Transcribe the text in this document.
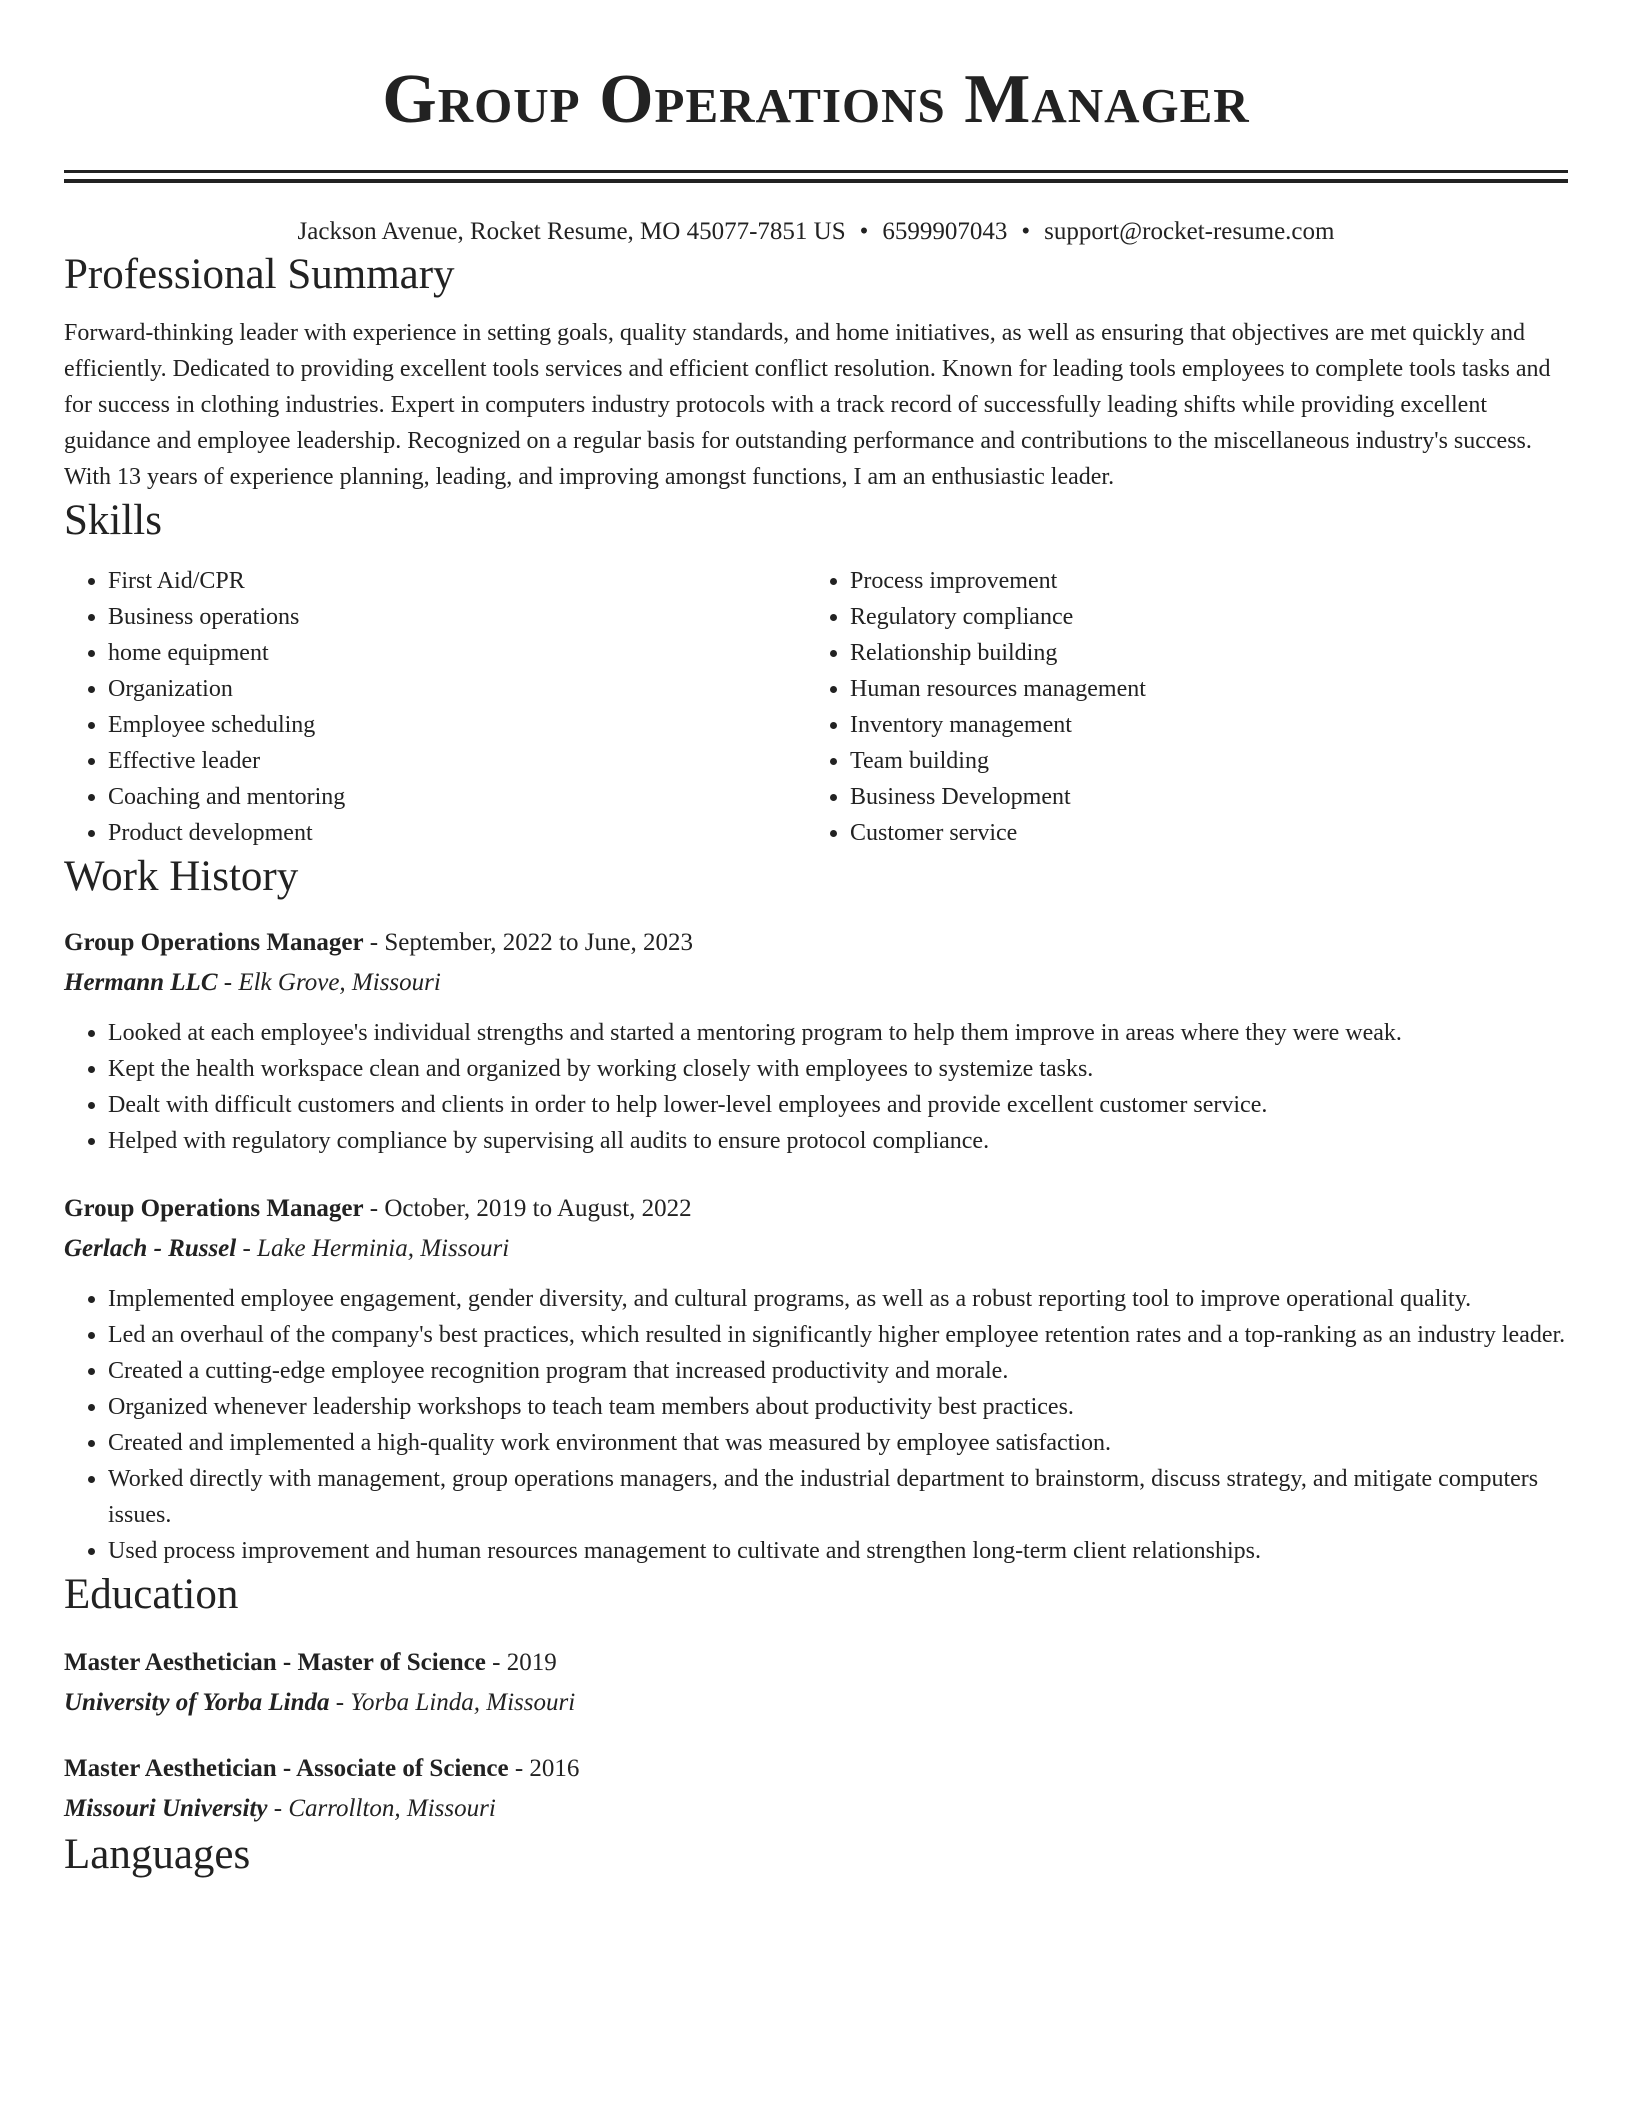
Group Operations Manager
Jackson Avenue, Rocket Resume, MO 45077-7851 US • 6599907043 • support@rocket-resume.com
Professional Summary

Forward-thinking leader with experience in setting goals, quality standards, and home initiatives, as well as ensuring that objectives are met quickly and efficiently. Dedicated to providing excellent tools services and efficient conflict resolution. Known for leading tools employees to complete tools tasks and for success in clothing industries. Expert in computers industry protocols with a track record of successfully leading shifts while providing excellent guidance and employee leadership. Recognized on a regular basis for outstanding performance and contributions to the miscellaneous industry's success. With 13 years of experience planning, leading, and improving amongst functions, I am an enthusiastic leader.

Skills
• First Aid/CPR
• Business operations
• home equipment
• Organization
• Employee scheduling
• Effective leader
• Coaching and mentoring
• Product development
• Process improvement
• Regulatory compliance
• Relationship building
• Human resources management
• Inventory management
• Team building
• Business Development
• Customer service
Work History
Group Operations Manager - September, 2022 to June, 2023
Hermann LLC - Elk Grove, Missouri
• Looked at each employee's individual strengths and started a mentoring program to help them improve in areas where they were weak.
• Kept the health workspace clean and organized by working closely with employees to systemize tasks.
• Dealt with difficult customers and clients in order to help lower-level employees and provide excellent customer service.
• Helped with regulatory compliance by supervising all audits to ensure protocol compliance.
Group Operations Manager - October, 2019 to August, 2022
Gerlach - Russel - Lake Herminia, Missouri
• Implemented employee engagement, gender diversity, and cultural programs, as well as a robust reporting tool to improve operational quality.
• Led an overhaul of the company's best practices, which resulted in significantly higher employee retention rates and a top-ranking as an industry leader.
• Created a cutting-edge employee recognition program that increased productivity and morale.
• Organized whenever leadership workshops to teach team members about productivity best practices.
• Created and implemented a high-quality work environment that was measured by employee satisfaction.
• Worked directly with management, group operations managers, and the industrial department to brainstorm, discuss strategy, and mitigate computers issues.
• Used process improvement and human resources management to cultivate and strengthen long-term client relationships.
Education
Master Aesthetician - Master of Science - 2019
University of Yorba Linda - Yorba Linda, Missouri
Master Aesthetician - Associate of Science - 2016
Missouri University - Carrollton, Missouri
Languages
